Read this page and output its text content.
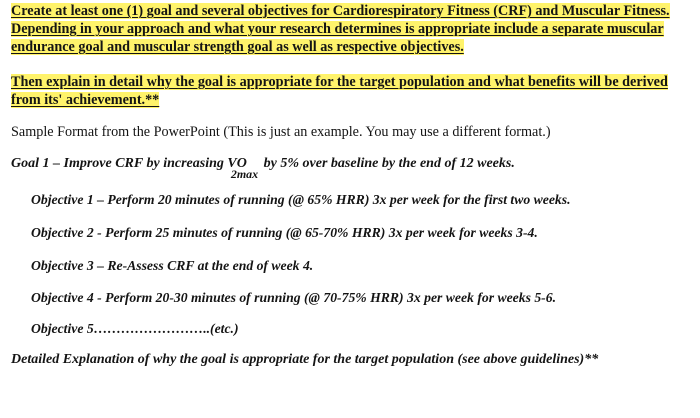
Create at least one (1) goal and several objectives for Cardiorespiratory Fitness (CRF) and Muscular Fitness.
Depending in your approach and what your research determines is appropriate include a separate muscular
endurance goal and muscular strength goal as well as respective objectives.
Then explain in detail why the goal is appropriate for the target population and what benefits will be derived
from its' achievement.**
Sample Format from the PowerPoint (This is just an example. You may use a different format.)
Goal 1 – Improve CRF by increasing VO2max by 5% over baseline by the end of 12 weeks.
Objective 1 – Perform 20 minutes of running (@ 65% HRR) 3x per week for the first two weeks.
Objective 2 - Perform 25 minutes of running (@ 65-70% HRR) 3x per week for weeks 3-4.
Objective 3 – Re-Assess CRF at the end of week 4.
Objective 4 - Perform 20-30 minutes of running (@ 70-75% HRR) 3x per week for weeks 5-6.
Objective 5……………………..(etc.)
Detailed Explanation of why the goal is appropriate for the target population (see above guidelines)**
